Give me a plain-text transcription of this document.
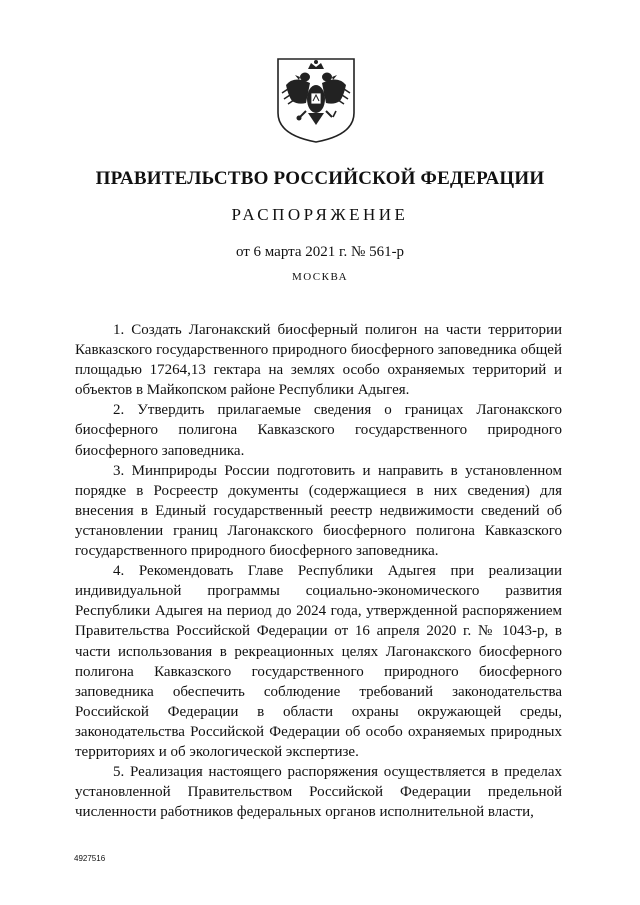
ПРАВИТЕЛЬСТВО РОССИЙСКОЙ ФЕДЕРАЦИИ
РАСПОРЯЖЕНИЕ
от 6 марта 2021 г. № 561-р
МОСКВА

1. Создать Лагонакский биосферный полигон на части территории Кавказского государственного природного биосферного заповедника общей площадью 17264,13 гектара на землях особо охраняемых территорий и объектов в Майкопском районе Республики Адыгея.

2. Утвердить прилагаемые сведения о границах Лагонакского биосферного полигона Кавказского государственного природного биосферного заповедника.

3. Минприроды России подготовить и направить в установленном порядке в Росреестр документы (содержащиеся в них сведения) для внесения в Единый государственный реестр недвижимости сведений об установлении границ Лагонакского биосферного полигона Кавказского государственного природного биосферного заповедника.

4. Рекомендовать Главе Республики Адыгея при реализации индивидуальной программы социально-экономического развития Республики Адыгея на период до 2024 года, утвержденной распоряжением Правительства Российской Федерации от 16 апреля 2020 г. № 1043-р, в части использования в рекреационных целях Лагонакского биосферного полигона Кавказского государственного природного биосферного заповедника обеспечить соблюдение требований законодательства Российской Федерации в области охраны окружающей среды, законодательства Российской Федерации об особо охраняемых природных территориях и об экологической экспертизе.

5. Реализация настоящего распоряжения осуществляется в пределах установленной Правительством Российской Федерации предельной численности работников федеральных органов исполнительной власти,

4927516
